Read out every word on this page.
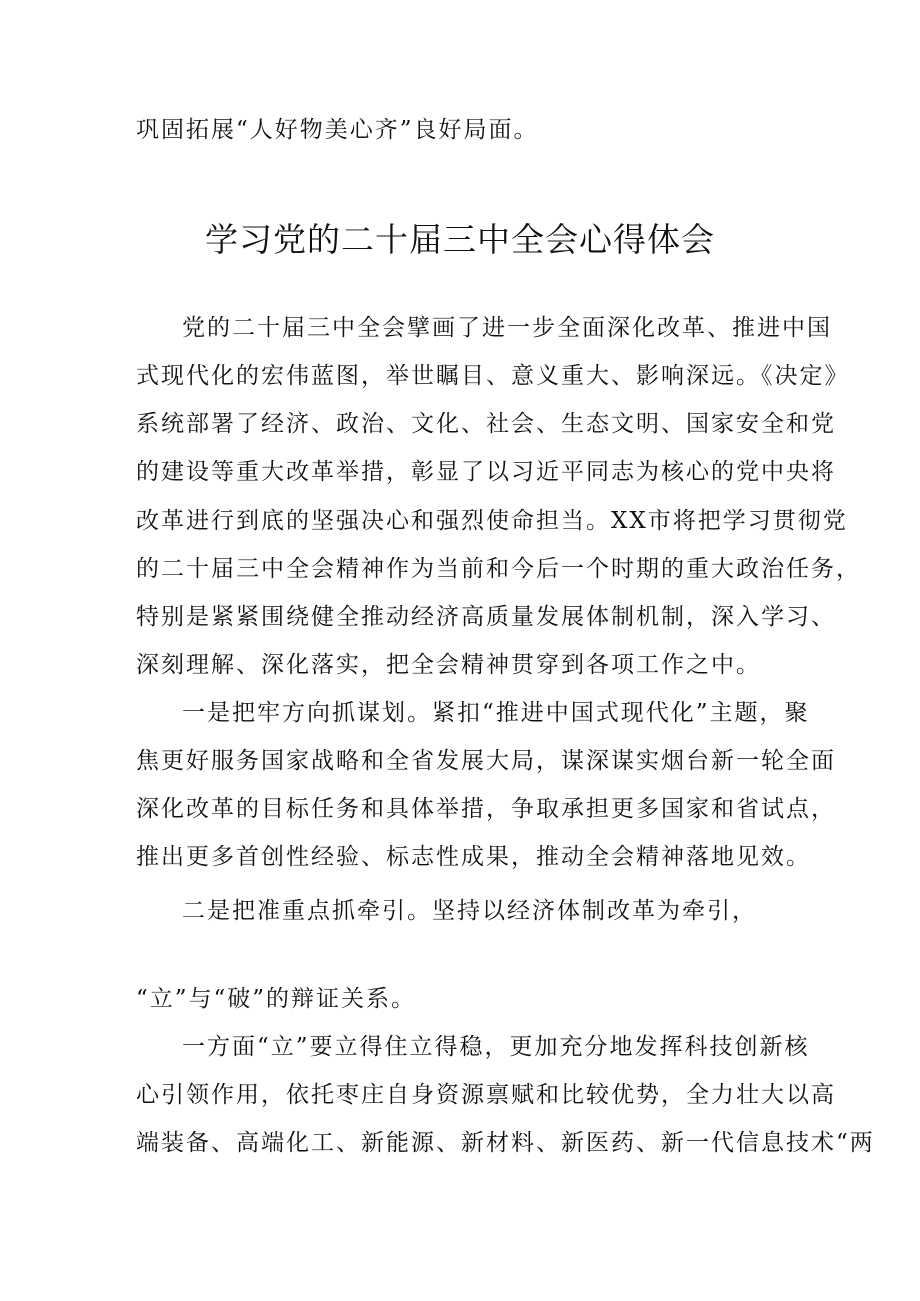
巩固拓展“人好物美心齐”良好局面。
学习党的二十届三中全会心得体会
党的二十届三中全会擘画了进一步全面深化改革、推进中国
式现代化的宏伟蓝图，举世瞩目、意义重大、影响深远。《决定》
系统部署了经济、政治、文化、社会、生态文明、国家安全和党
的建设等重大改革举措，彰显了以习近平同志为核心的党中央将
改革进行到底的坚强决心和强烈使命担当。XX市将把学习贯彻党
的二十届三中全会精神作为当前和今后一个时期的重大政治任务，
特别是紧紧围绕健全推动经济高质量发展体制机制，深入学习、
深刻理解、深化落实，把全会精神贯穿到各项工作之中。
一是把牢方向抓谋划。紧扣“推进中国式现代化”主题，聚
焦更好服务国家战略和全省发展大局，谋深谋实烟台新一轮全面
深化改革的目标任务和具体举措，争取承担更多国家和省试点，
推出更多首创性经验、标志性成果，推动全会精神落地见效。
二是把准重点抓牵引。坚持以经济体制改革为牵引，
“立”与“破”的辩证关系。
一方面“立”要立得住立得稳，更加充分地发挥科技创新核
心引领作用，依托枣庄自身资源禀赋和比较优势，全力壮大以高
端装备、高端化工、新能源、新材料、新医药、新一代信息技术“两
